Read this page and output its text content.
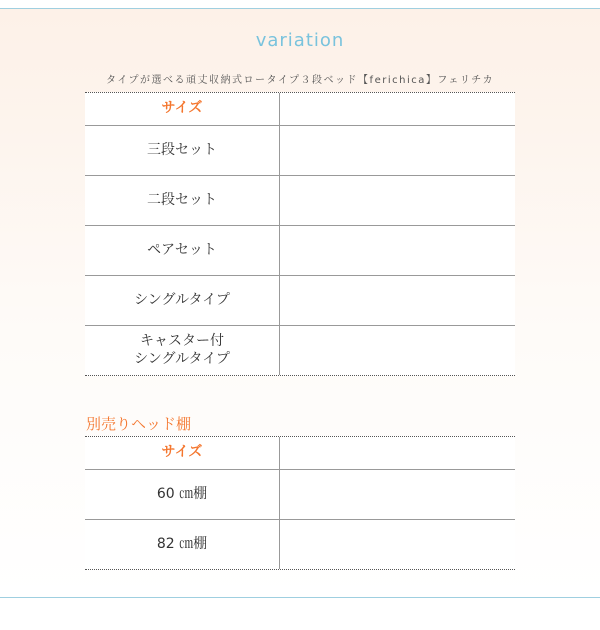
variation
タイプが選べる頑丈収納式ロータイプ３段ベッド【ferichica】フェリチカ
サイズ
三段セット
二段セット
ペアセット
シングルタイプ
キャスター付
シングルタイプ
別売りヘッド棚
サイズ
60 ㎝棚
82 ㎝棚
